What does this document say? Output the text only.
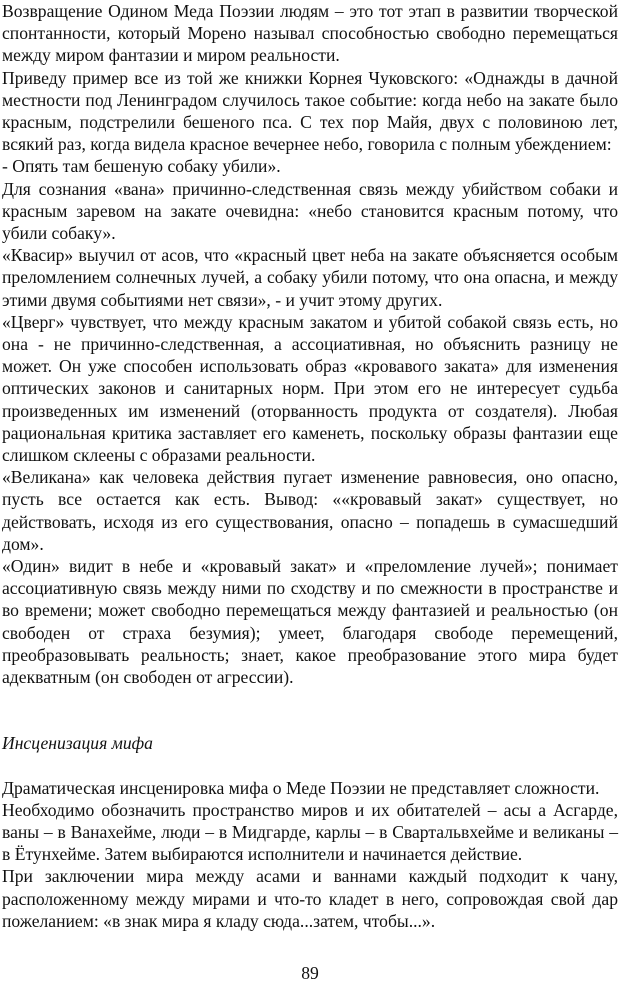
Возвращение Одином Меда Поэзии людям – это тот этап в развитии творческой спонтанности, который Морено называл способностью свободно перемещаться между миром фантазии и миром реальности.

Приведу пример все из той же книжки Корнея Чуковского: «Однажды в дачной местности под Ленинградом случилось такое событие: когда небо на закате было красным, подстрелили бешеного пса. С тех пор Майя, двух с половиною лет, всякий раз, когда видела красное вечернее небо, говорила с полным убеждением:

- Опять там бешеную собаку убили».

Для сознания «вана» причинно-следственная связь между убийством собаки и красным заревом на закате очевидна: «небо становится красным потому, что убили собаку».

«Квасир» выучил от асов, что «красный цвет неба на закате объясняется особым преломлением солнечных лучей, а собаку убили потому, что она опасна, и между этими двумя событиями нет связи», - и учит этому других.

«Цверг» чувствует, что между красным закатом и убитой собакой связь есть, но она - не причинно-следственная, а ассоциативная, но объяснить разницу не может. Он уже способен использовать образ «кровавого заката» для изменения оптических законов и санитарных норм. При этом его не интересует судьба произведенных им изменений (оторванность продукта от создателя). Любая рациональная критика заставляет его каменеть, поскольку образы фантазии еще слишком склеены с образами реальности.

«Великана» как человека действия пугает изменение равновесия, оно опасно, пусть все остается как есть. Вывод: ««кровавый закат» существует, но действовать, исходя из его существования, опасно – попадешь в сумасшедший дом».

«Один» видит в небе и «кровавый закат» и «преломление лучей»; понимает ассоциативную связь между ними по сходству и по смежности в пространстве и во времени; может свободно перемещаться между фантазией и реальностью (он свободен от страха безумия); умеет, благодаря свободе перемещений, преобразовывать реальность; знает, какое преобразование этого мира будет адекватным (он свободен от агрессии).

Инсценизация мифа

Драматическая инсценировка мифа о Меде Поэзии не представляет сложности.

Необходимо обозначить пространство миров и их обитателей – асы а Асгарде, ваны – в Ванахейме, люди – в Мидгарде, карлы – в Свартальвхейме и великаны – в Ётунхейме. Затем выбираются исполнители и начинается действие.

При заключении мира между асами и ваннами каждый подходит к чану, расположенному между мирами и что-то кладет в него, сопровождая свой дар пожеланием: «в знак мира я кладу сюда...затем, чтобы...».

89
